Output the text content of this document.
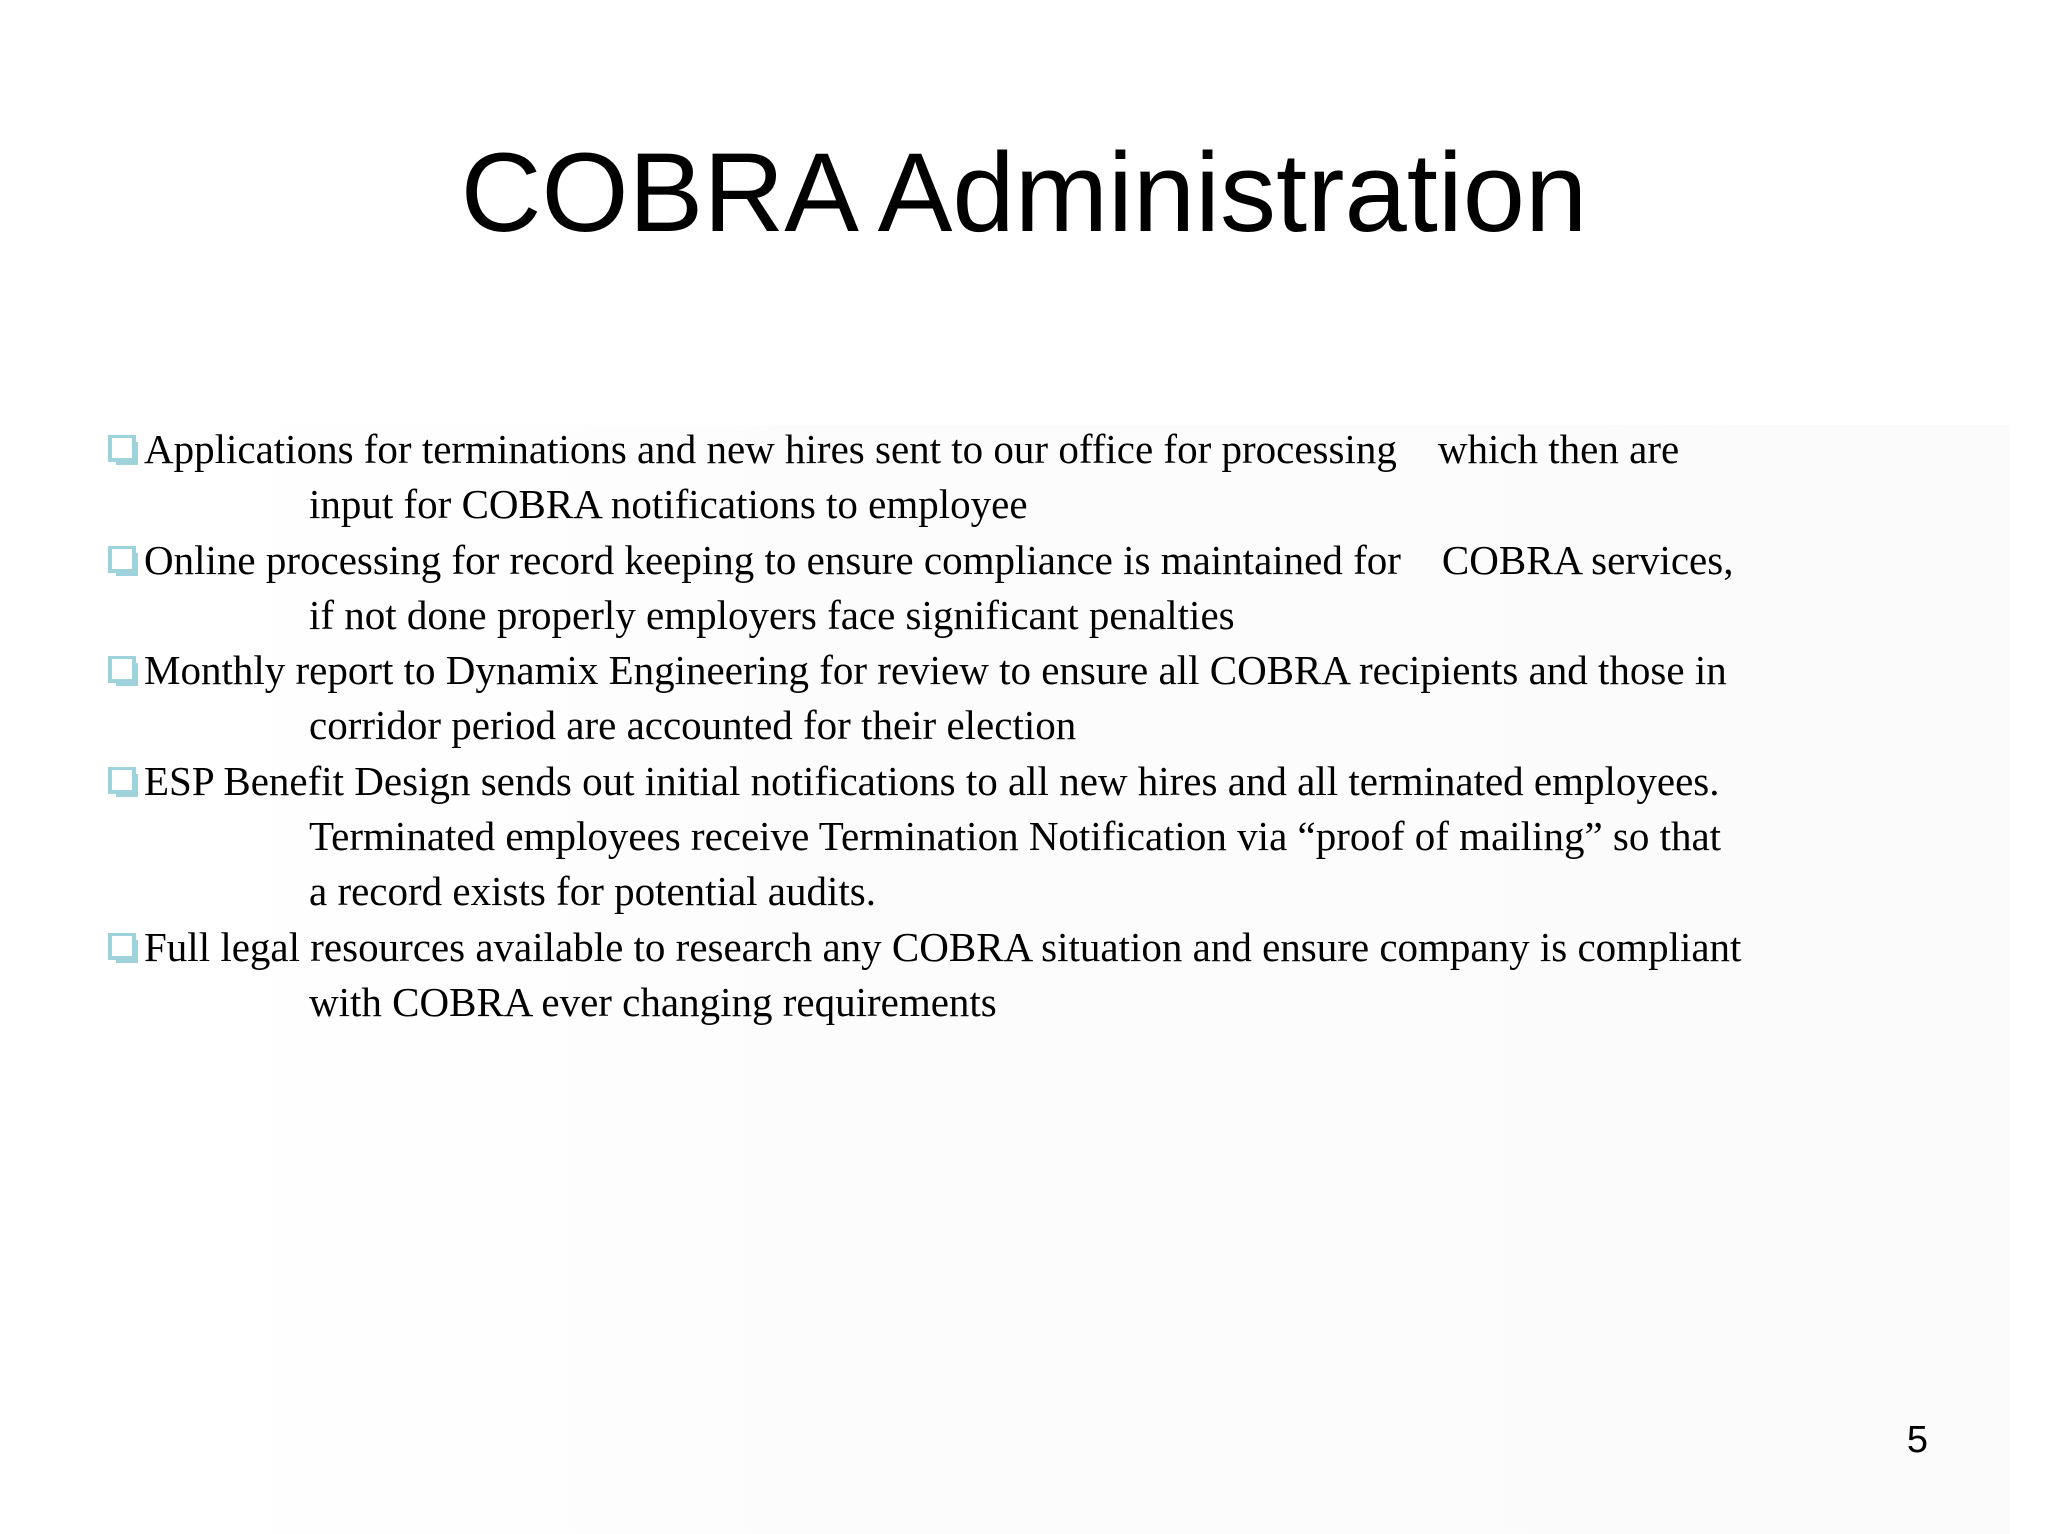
COBRA Administration
Applications for terminations and new hires sent to our office for processing    which then are
input for COBRA notifications to employee
Online processing for record keeping to ensure compliance is maintained for    COBRA services,
if not done properly employers face significant penalties
Monthly report to Dynamix Engineering for review to ensure all COBRA recipients and those in
corridor period are accounted for their election
ESP Benefit Design sends out initial notifications to all new hires and all terminated employees.
Terminated employees receive Termination Notification via “proof of mailing” so that
a record exists for potential audits.
Full legal resources available to research any COBRA situation and ensure company is compliant
with COBRA ever changing requirements
5
